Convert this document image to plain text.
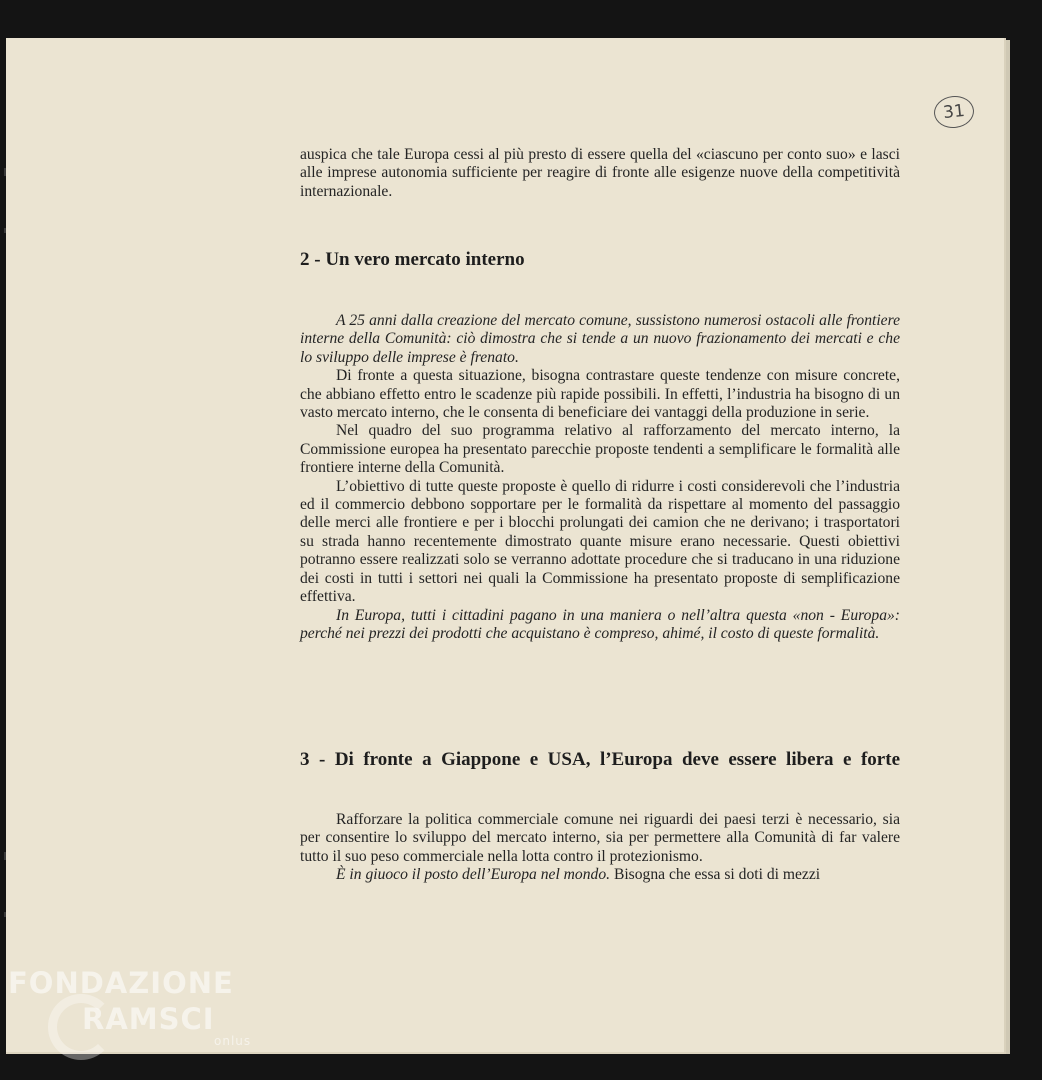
31

auspica che tale Europa cessi al più presto di essere quella del «ciascuno per conto suo» e lasci alle imprese autonomia sufficiente per reagire di fronte alle esigenze nuove della competitività internazionale.

2 - Un vero mercato interno

A 25 anni dalla creazione del mercato comune, sussistono numerosi ostacoli alle frontiere interne della Comunità: ciò dimostra che si tende a un nuovo frazionamento dei mercati e che lo sviluppo delle imprese è frenato.

Di fronte a questa situazione, bisogna contrastare queste tendenze con misure concrete, che abbiano effetto entro le scadenze più rapide possibili. In effetti, l’industria ha bisogno di un vasto mercato interno, che le consenta di beneficiare dei vantaggi della produzione in serie.

Nel quadro del suo programma relativo al rafforzamento del mercato interno, la Commissione europea ha presentato parecchie proposte tendenti a semplificare le formalità alle frontiere interne della Comunità.

L’obiettivo di tutte queste proposte è quello di ridurre i costi considerevoli che l’industria ed il commercio debbono sopportare per le formalità da rispettare al momento del passaggio delle merci alle frontiere e per i blocchi prolungati dei camion che ne derivano; i trasportatori su strada hanno recentemente dimostrato quante misure erano necessarie. Questi obiettivi potranno essere realizzati solo se verranno adottate procedure che si traducano in una riduzione dei costi in tutti i settori nei quali la Commissione ha presentato proposte di semplificazione effettiva.

In Europa, tutti i cittadini pagano in una maniera o nell’altra questa «non - Europa»: perché nei prezzi dei prodotti che acquistano è compreso, ahimé, il costo di queste formalità.

3 - Di fronte a Giappone e USA, l’Europa deve essere libera e forte

Rafforzare la politica commerciale comune nei riguardi dei paesi terzi è necessario, sia per consentire lo sviluppo del mercato interno, sia per permettere alla Comunità di far valere tutto il suo peso commerciale nella lotta contro il protezionismo.

È in giuoco il posto dell’Europa nel mondo. Bisogna che essa si doti di mezzi

FONDAZIONE
RAMSCI
onlus
